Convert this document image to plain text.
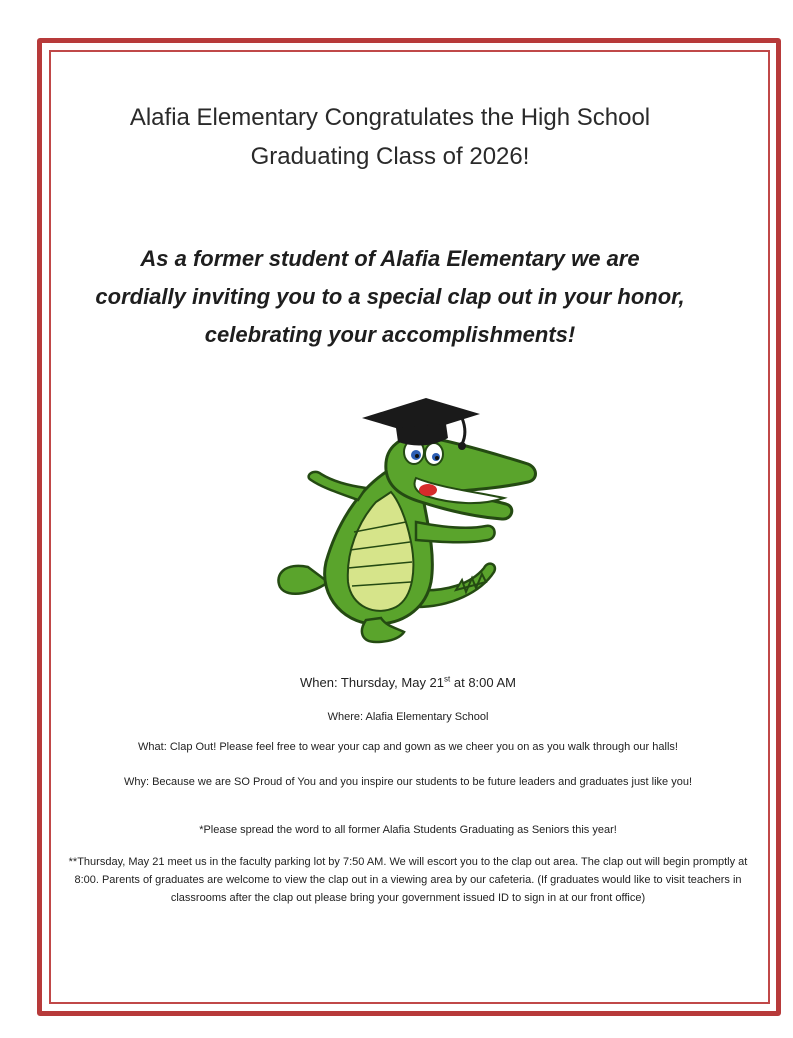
Alafia Elementary Congratulates the High School
Graduating Class of 2026!
As a former student of Alafia Elementary we are
cordially inviting you to a special clap out in your honor,
celebrating your accomplishments!
When: Thursday, May 21st at 8:00 AM
Where: Alafia Elementary School
What: Clap Out! Please feel free to wear your cap and gown as we cheer you on as you walk through our halls!
Why: Because we are SO Proud of You and you inspire our students to be future leaders and graduates just like you!
*Please spread the word to all former Alafia Students Graduating as Seniors this year!
**Thursday, May 21 meet us in the faculty parking lot by 7:50 AM. We will escort you to the clap out area. The clap out will begin promptly at 8:00. Parents of graduates are welcome to view the clap out in a viewing area by our cafeteria. (If graduates would like to visit teachers in classrooms after the clap out please bring your government issued ID to sign in at our front office)
